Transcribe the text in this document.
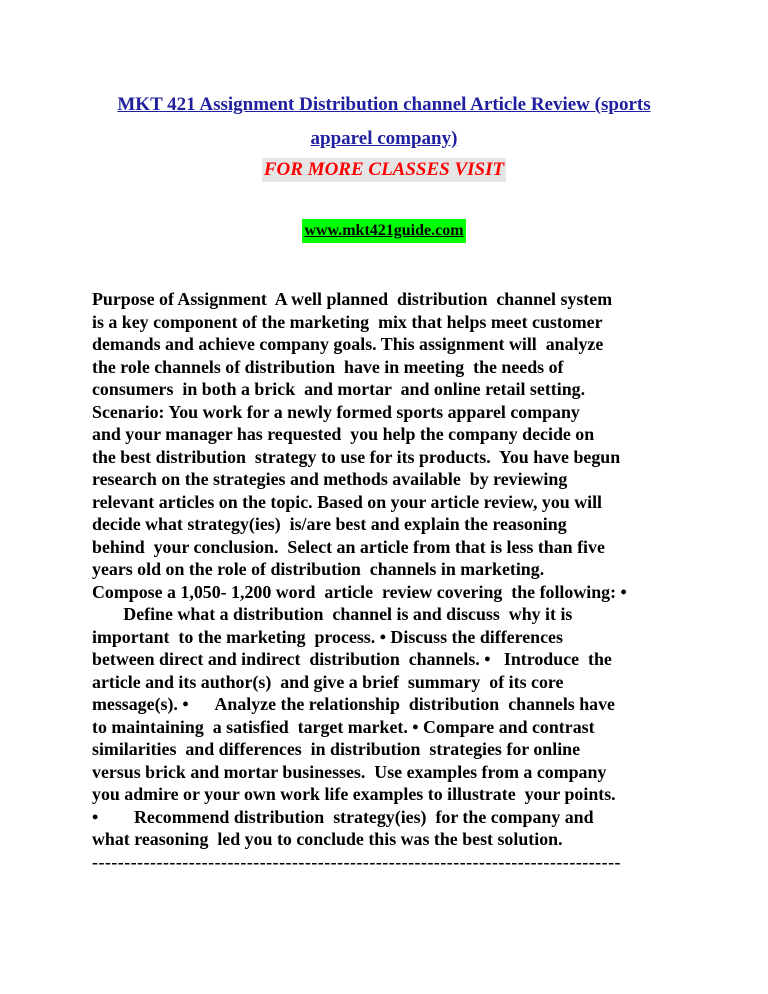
MKT 421 Assignment Distribution channel Article Review (sports
apparel company)
FOR MORE CLASSES VISIT
www.mkt421guide.com
Purpose of Assignment  A well planned  distribution  channel system
is a key component of the marketing  mix that helps meet customer
demands and achieve company goals. This assignment will  analyze
the role channels of distribution  have in meeting  the needs of
consumers  in both a brick  and mortar  and online retail setting.
Scenario: You work for a newly formed sports apparel company
and your manager has requested  you help the company decide on
the best distribution  strategy to use for its products.  You have begun
research on the strategies and methods available  by reviewing
relevant articles on the topic. Based on your article review, you will
decide what strategy(ies)  is/are best and explain the reasoning
behind  your conclusion.  Select an article from that is less than five
years old on the role of distribution  channels in marketing.
Compose a 1,050- 1,200 word  article  review covering  the following: •
Define what a distribution  channel is and discuss  why it is
important  to the marketing  process. • Discuss the differences
between direct and indirect  distribution  channels. •   Introduce  the
article and its author(s)  and give a brief  summary  of its core
message(s). •      Analyze the relationship  distribution  channels have
to maintaining  a satisfied  target market. • Compare and contrast
similarities  and differences  in distribution  strategies for online
versus brick and mortar businesses.  Use examples from a company
you admire or your own work life examples to illustrate  your points.
•        Recommend distribution  strategy(ies)  for the company and
what reasoning  led you to conclude this was the best solution.
----------------------------------------------------------------------------------
